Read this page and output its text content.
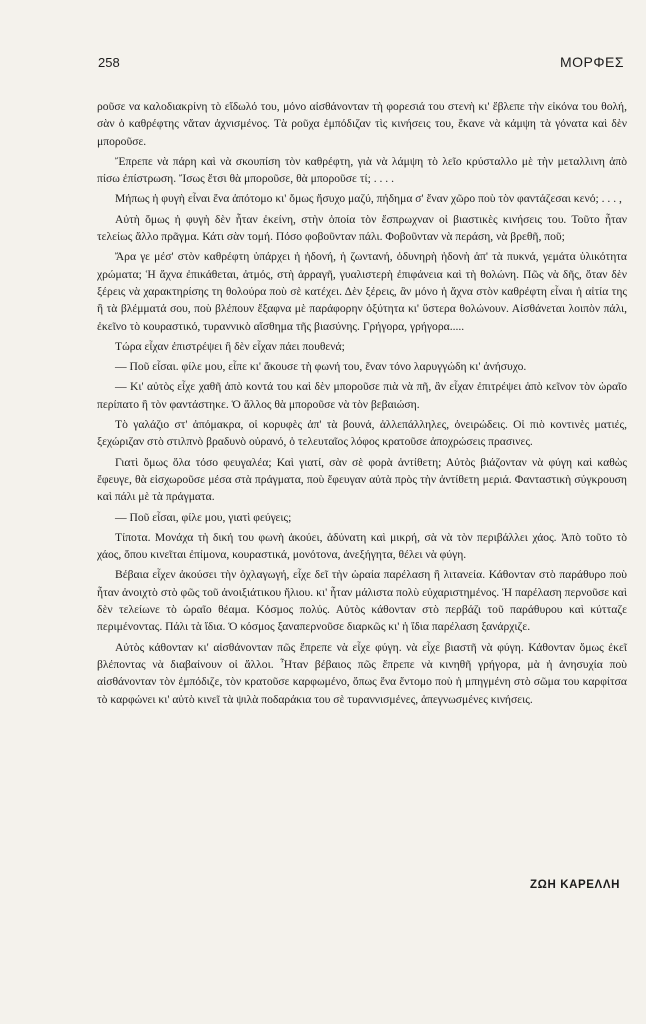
258	ΜΟΡΦΕΣ

ροῦσε να καλοδιακρίνη τὸ εἴδωλό του, μόνο αἰσθάνονταν τὴ φορεσιά του στενὴ κι' ἔβλεπε τὴν εἰκόνα του θολή, σὰν ὁ καθρέφτης νἄταν ἀχνισμένος. Τὰ ροῦχα ἐμπόδιζαν τὶς κινήσεις του, ἔκανε νὰ κάμψη τὰ γόνατα καὶ δὲν μποροῦσε.

Ἔπρεπε νὰ πάρη καὶ νὰ σκουπίση τὸν καθρέφτη, γιὰ νὰ λάμψη τὸ λεῖο κρύσταλλο μὲ τὴν μεταλλινη ἀπὸ πίσω ἐπίστρωση. Ἴσως ἔτσι θὰ μποροῦσε, θὰ μποροῦσε τί; . . . .

Μήπως ἡ φυγὴ εἶναι ἕνα ἀπότομο κι' ὅμως ἥσυχο μαζύ, πήδημα σ' ἕναν χῶρο ποὺ τὸν φαντάζεσαι κενό; . . . ,

Αὐτὴ ὅμως ἡ φυγὴ δὲν ἦταν ἐκείνη, στὴν ὁποία τὸν ἔσπρωχναν οἱ βιαστικὲς κινήσεις του. Τοῦτο ἦταν τελείως ἄλλο πρᾶγμα. Κάτι σὰν τομή. Πόσο φοβοῦνταν πάλι. Φοβοῦνταν νὰ περάση, νὰ βρεθῆ, ποῦ;

Ἄρα γε μέσ' στὸν καθρέφτη ὑπάρχει ἡ ἡδονή, ἡ ζωντανή, ὀδυνηρὴ ἡδονὴ ἀπ' τὰ πυκνά, γεμάτα ὑλικότητα χρώματα; Ἡ ἄχνα ἐπικάθεται, ἀτμός, στὴ ἀρραγῆ, γυαλιστερὴ ἐπιφάνεια καὶ τὴ θολώνη. Πῶς νὰ δῆς, ὅταν δὲν ξέρεις νὰ χαρακτηρίσης τη θολούρα ποὺ σὲ κατέχει. Δὲν ξέρεις, ἂν μόνο ἡ ἄχνα στὸν καθρέφτη εἶναι ἡ αἰτία της ἢ τὰ βλέμματά σου, ποὺ βλέπουν ἔξαφνα μὲ παράφορην ὀξύτητα κι' ὕστερα θολώνουν. Αἰσθάνεται λοιπὸν πάλι, ἐκεῖνο τὸ κουραστικό, τυραννικὸ αἴσθημα τῆς βιασύνης. Γρήγορα, γρήγορα.....

Τώρα εἶχαν ἐπιστρέψει ἢ δὲν εἶχαν πάει πουθενά;

— Ποῦ εἶσαι. φίλε μου, εἶπε κι' ἄκουσε τὴ φωνή του, ἕναν τόνο λαρυγγώδη κι' ἀνήσυχο.

— Κι' αὐτὸς εἶχε χαθῆ ἀπὸ κοντά του καὶ δὲν μποροῦσε πιὰ νὰ πῆ, ἂν εἶχαν ἐπιτρέψει ἀπὸ κεῖνον τὸν ὡραῖο περίπατο ἢ τὸν φαντάστηκε. Ὁ ἄλλος θὰ μποροῦσε νὰ τὸν βεβαιώση.

Τὸ γαλάζιο στ' ἀπόμακρα, οἱ κορυφὲς ἀπ' τὰ βουνά, ἀλλεπάλληλες, ὀνειρώδεις. Οἱ πιὸ κοντινὲς ματιές, ξεχώριζαν στὸ στιλπνὸ βραδυνὸ οὐρανό, ὁ τελευταῖος λόφος κρατοῦσε ἀποχρώσεις πρασινες.

Γιατὶ ὅμως ὅλα τόσο φευγαλέα; Καὶ γιατί, σὰν σὲ φορὰ ἀντίθετη; Αὐτὸς βιάζονταν νὰ φύγη καὶ καθὼς ἔφευγε, θὰ εἰσχωροῦσε μέσα στὰ πράγματα, ποὺ ἔφευγαν αὐτὰ πρὸς τὴν ἀντίθετη μεριά. Φανταστικὴ σύγκρουση καὶ πάλι μὲ τὰ πράγματα.

— Ποῦ εἶσαι, φίλε μου, γιατὶ φεύγεις;

Τίποτα. Μονάχα τὴ δική του φωνὴ ἀκούει, ἀδύνατη καὶ μικρή, σὰ νὰ τὸν περιβάλλει χάος. Ἀπὸ τοῦτο τὸ χάος, ὅπου κινεῖται ἐπίμονα, κουραστικά, μονότονα, ἀνεξήγητα, θέλει νὰ φύγη.

Βέβαια εἶχεν ἀκούσει τὴν ὀχλαγωγή, εἶχε δεῖ τὴν ὡραία παρέλαση ἢ λιτανεία. Κάθονταν στὸ παράθυρο ποὺ ἦταν ἀνοιχτὸ στὸ φῶς τοῦ ἀνοιξιάτικου ἥλιου. κι' ἦταν μάλιστα πολὺ εὐχαριστημένος. Ἡ παρέλαση περνοῦσε καὶ δὲν τελείωνε τὸ ὡραῖο θέαμα. Κόσμος πολύς. Αὐτὸς κάθονταν στὸ περβάζι τοῦ παράθυρου καὶ κύτταζε περιμένοντας. Πάλι τὰ ἴδια. Ὁ κόσμος ξαναπερνοῦσε διαρκῶς κι' ἡ ἴδια παρέλαση ξανάρχιζε.

Αὐτὸς κάθονταν κι' αἰσθάνονταν πῶς ἔπρεπε νὰ εἶχε φύγη. νὰ εἶχε βιαστῆ νὰ φύγη. Κάθονταν ὅμως ἐκεῖ βλέποντας νὰ διαβαίνουν οἱ ἄλλοι. Ἦταν βέβαιος πῶς ἔπρεπε νὰ κινηθῆ γρήγορα, μὰ ἡ ἀνησυχία ποὺ αἰσθάνονταν τὸν ἐμπόδιζε, τὸν κρατοῦσε καρφωμένο, ὅπως ἕνα ἔντομο ποὺ ἡ μπηγμένη στὸ σῶμα του καρφίτσα τὸ καρφώνει κι' αὐτὸ κινεῖ τὰ ψιλὰ ποδαράκια του σὲ τυραννισμένες, ἀπεγνωσμένες κινήσεις.

ΖΩΗ ΚΑΡΕΛΛΗ
